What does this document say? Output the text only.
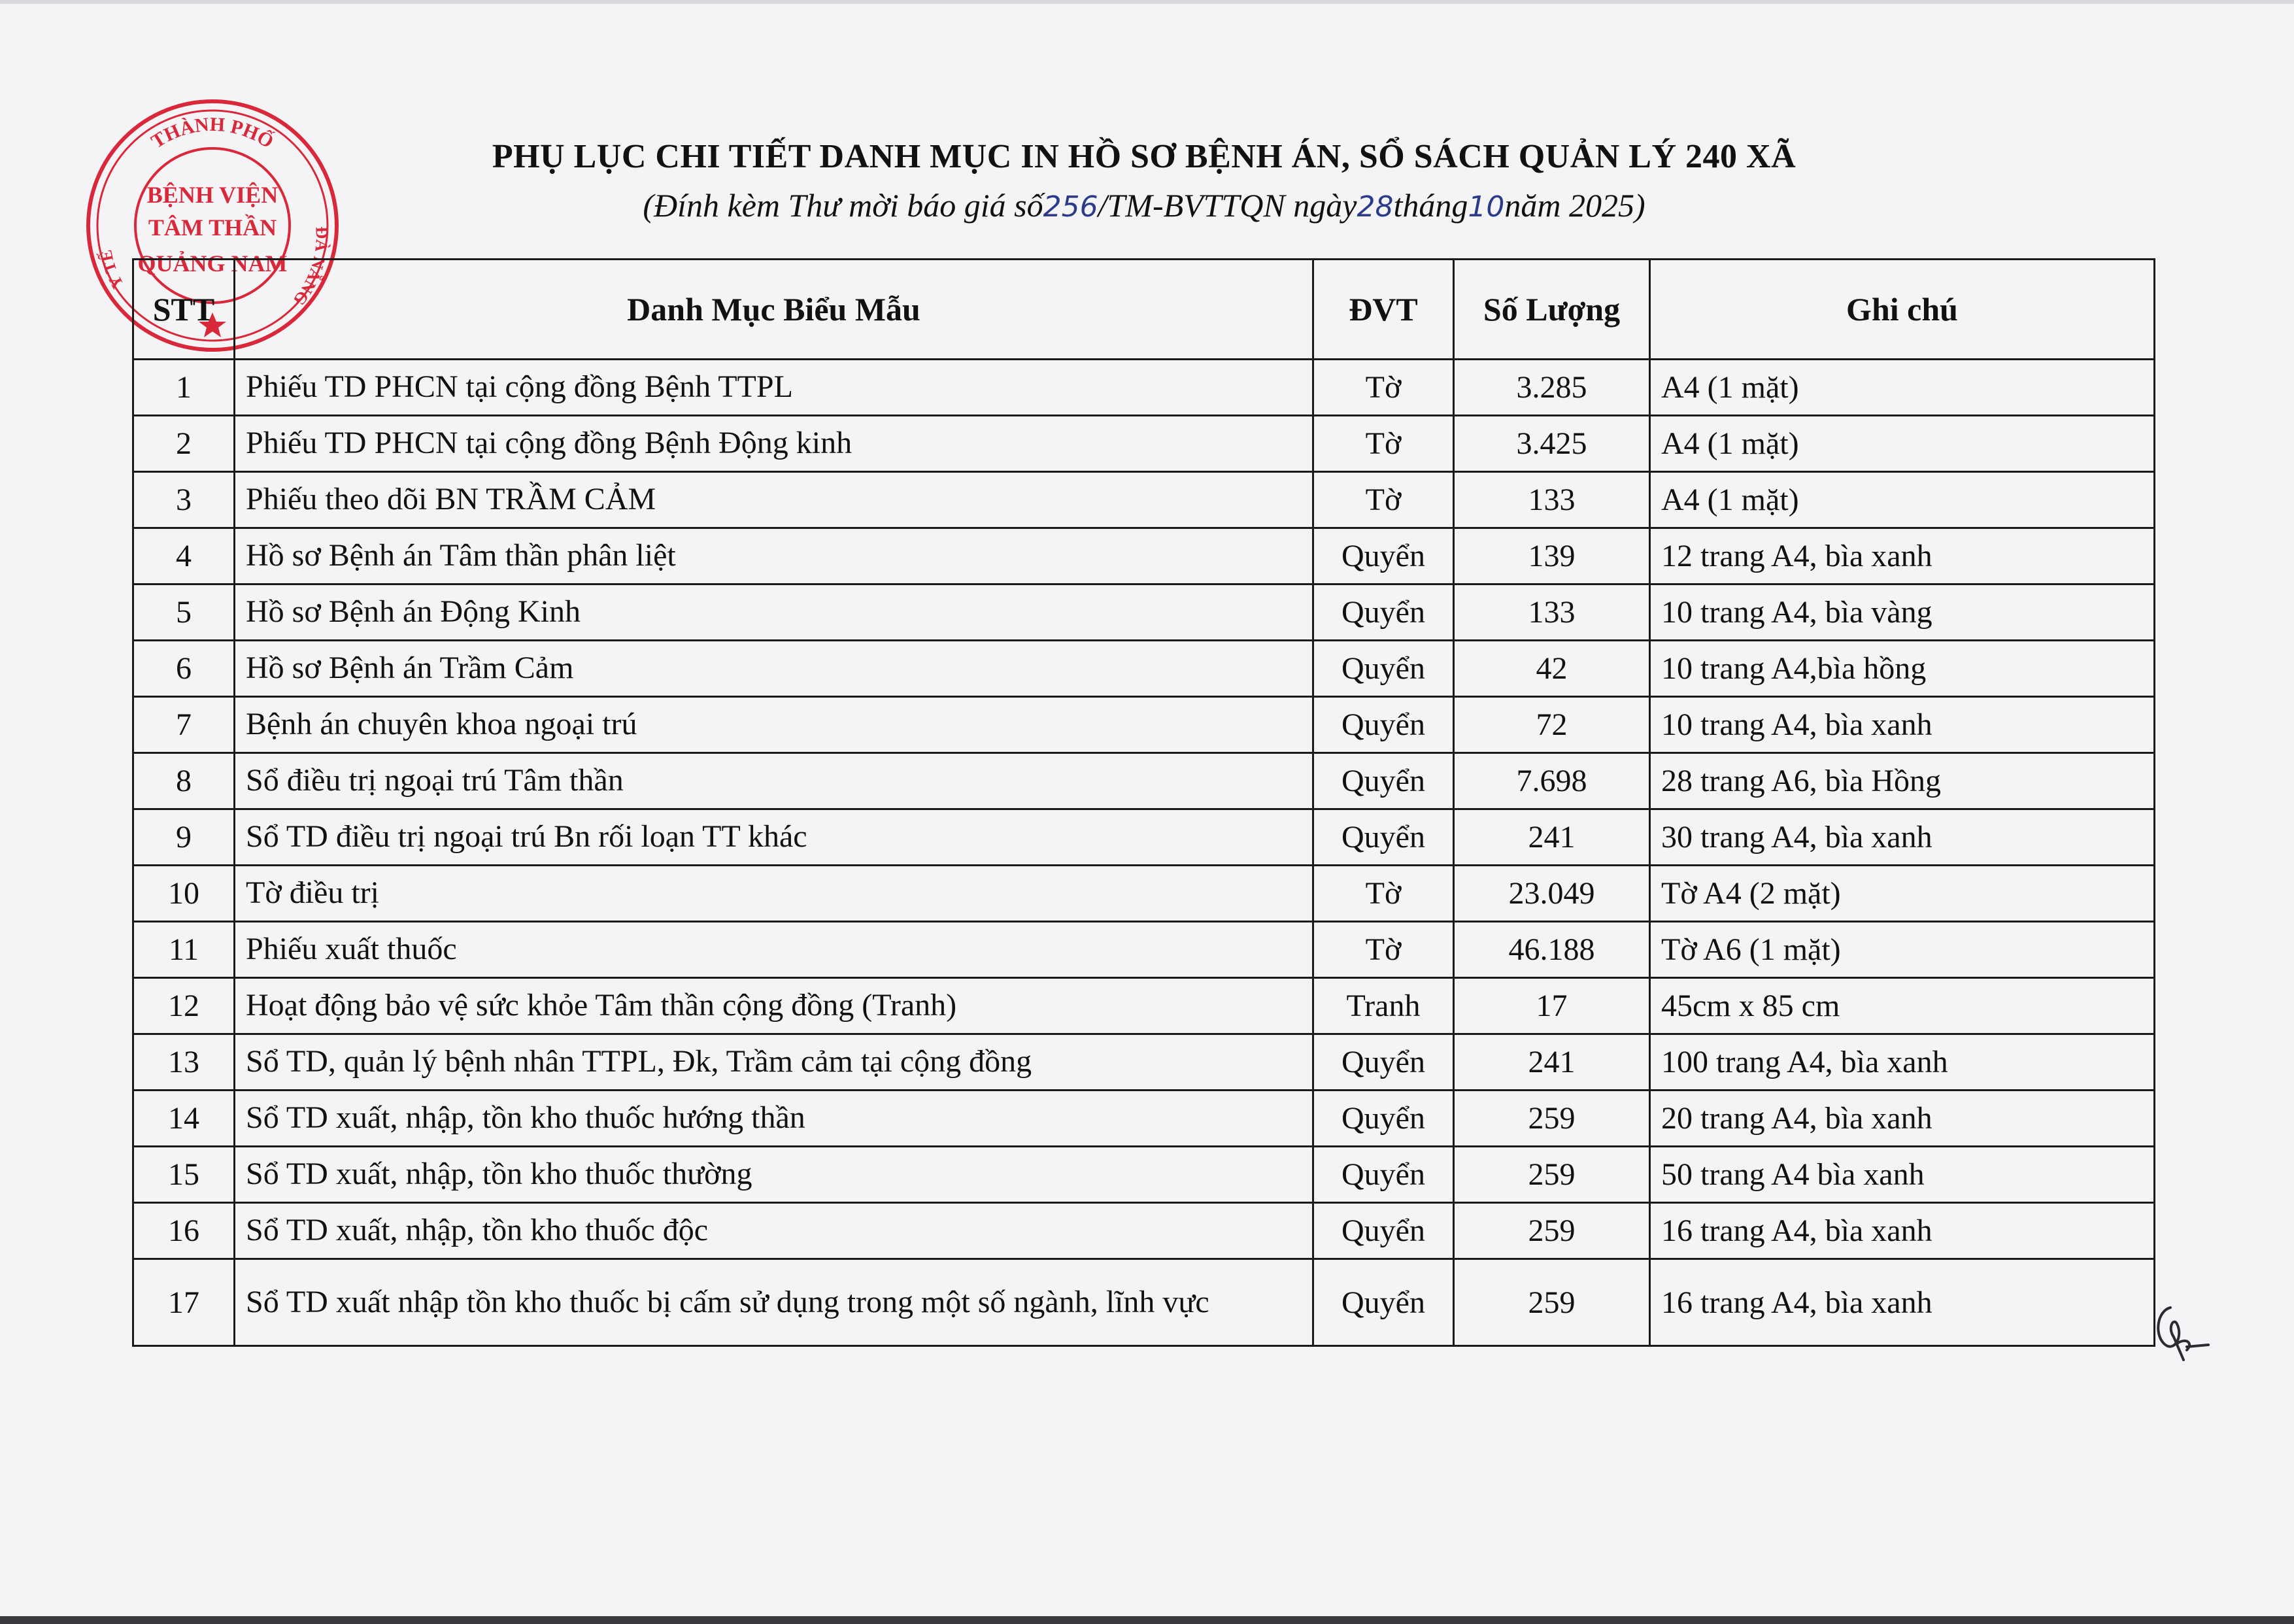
THÀNH PHỐ
Y TẾ
ĐÀ NẴNG
BỆNH VIỆN
TÂM THẦN
QUẢNG NAM
PHỤ LỤC CHI TIẾT DANH MỤC IN HỒ SƠ BỆNH ÁN, SỔ SÁCH QUẢN LÝ 240 XÃ
(Đính kèm Thư mời báo giá số256/TM-BVTTQN ngày28tháng10năm 2025)
STT	Danh Mục Biểu Mẫu	ĐVT	Số Lượng	Ghi chú
1	Phiếu TD PHCN tại cộng đồng Bệnh TTPL	Tờ	3.285	A4 (1 mặt)
2	Phiếu TD PHCN tại cộng đồng Bệnh Động kinh	Tờ	3.425	A4 (1 mặt)
3	Phiếu theo dõi BN TRẦM CẢM	Tờ	133	A4 (1 mặt)
4	Hồ sơ Bệnh án Tâm thần phân liệt	Quyển	139	12 trang A4, bìa xanh
5	Hồ sơ Bệnh án Động Kinh	Quyển	133	10 trang A4, bìa vàng
6	Hồ sơ Bệnh án Trầm Cảm	Quyển	42	10 trang A4,bìa hồng
7	Bệnh án chuyên khoa ngoại trú	Quyển	72	10 trang A4, bìa xanh
8	Sổ điều trị ngoại trú Tâm thần	Quyển	7.698	28 trang A6, bìa Hồng
9	Sổ TD điều trị ngoại trú Bn rối loạn TT khác	Quyển	241	30 trang A4, bìa xanh
10	Tờ điều trị	Tờ	23.049	Tờ A4 (2 mặt)
11	Phiếu xuất thuốc	Tờ	46.188	Tờ A6 (1 mặt)
12	Hoạt động bảo vệ sức khỏe Tâm thần cộng đồng (Tranh)	Tranh	17	45cm x 85 cm
13	Sổ TD, quản lý bệnh nhân TTPL, Đk, Trầm cảm tại cộng đồng	Quyển	241	100 trang A4, bìa xanh
14	Sổ TD xuất, nhập, tồn kho thuốc hướng thần	Quyển	259	20 trang A4, bìa xanh
15	Sổ TD xuất, nhập, tồn kho thuốc thường	Quyển	259	50 trang A4 bìa xanh
16	Sổ TD xuất, nhập, tồn kho thuốc độc	Quyển	259	16 trang A4, bìa xanh
17	Sổ TD xuất nhập tồn kho thuốc bị cấm sử dụng trong một số ngành, lĩnh vực	Quyển	259	16 trang A4, bìa xanh
